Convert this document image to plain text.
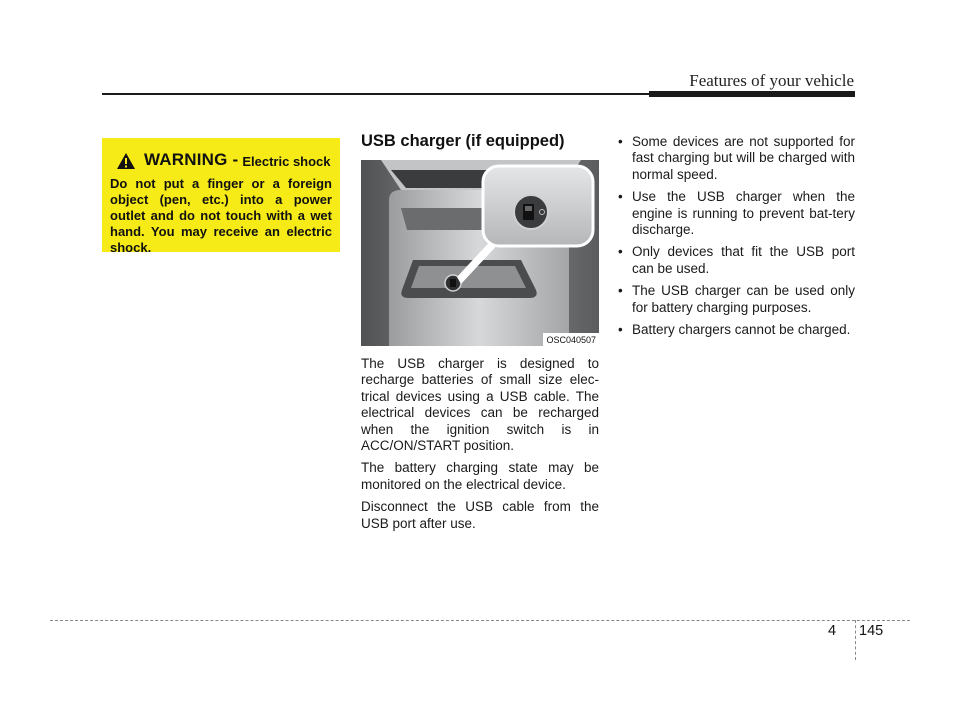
Features of your vehicle
WARNING - Electric shock

Do not put a finger or a foreign object (pen, etc.) into a power outlet and do not touch with a wet hand. You may receive an electric shock.

USB charger (if equipped)
OSC040507

The USB charger is designed to recharge batteries of small size elec-trical devices using a USB cable. The electrical devices can be recharged when the ignition switch is in ACC/ON/START position.

The battery charging state may be monitored on the electrical device.

Disconnect the USB cable from the USB port after use.

• Some devices are not supported for fast charging but will be charged with normal speed.
• Use the USB charger when the engine is running to prevent bat-tery discharge.
• Only devices that fit the USB port can be used.
• The USB charger can be used only for battery charging purposes.
• Battery chargers cannot be charged.
4 145
